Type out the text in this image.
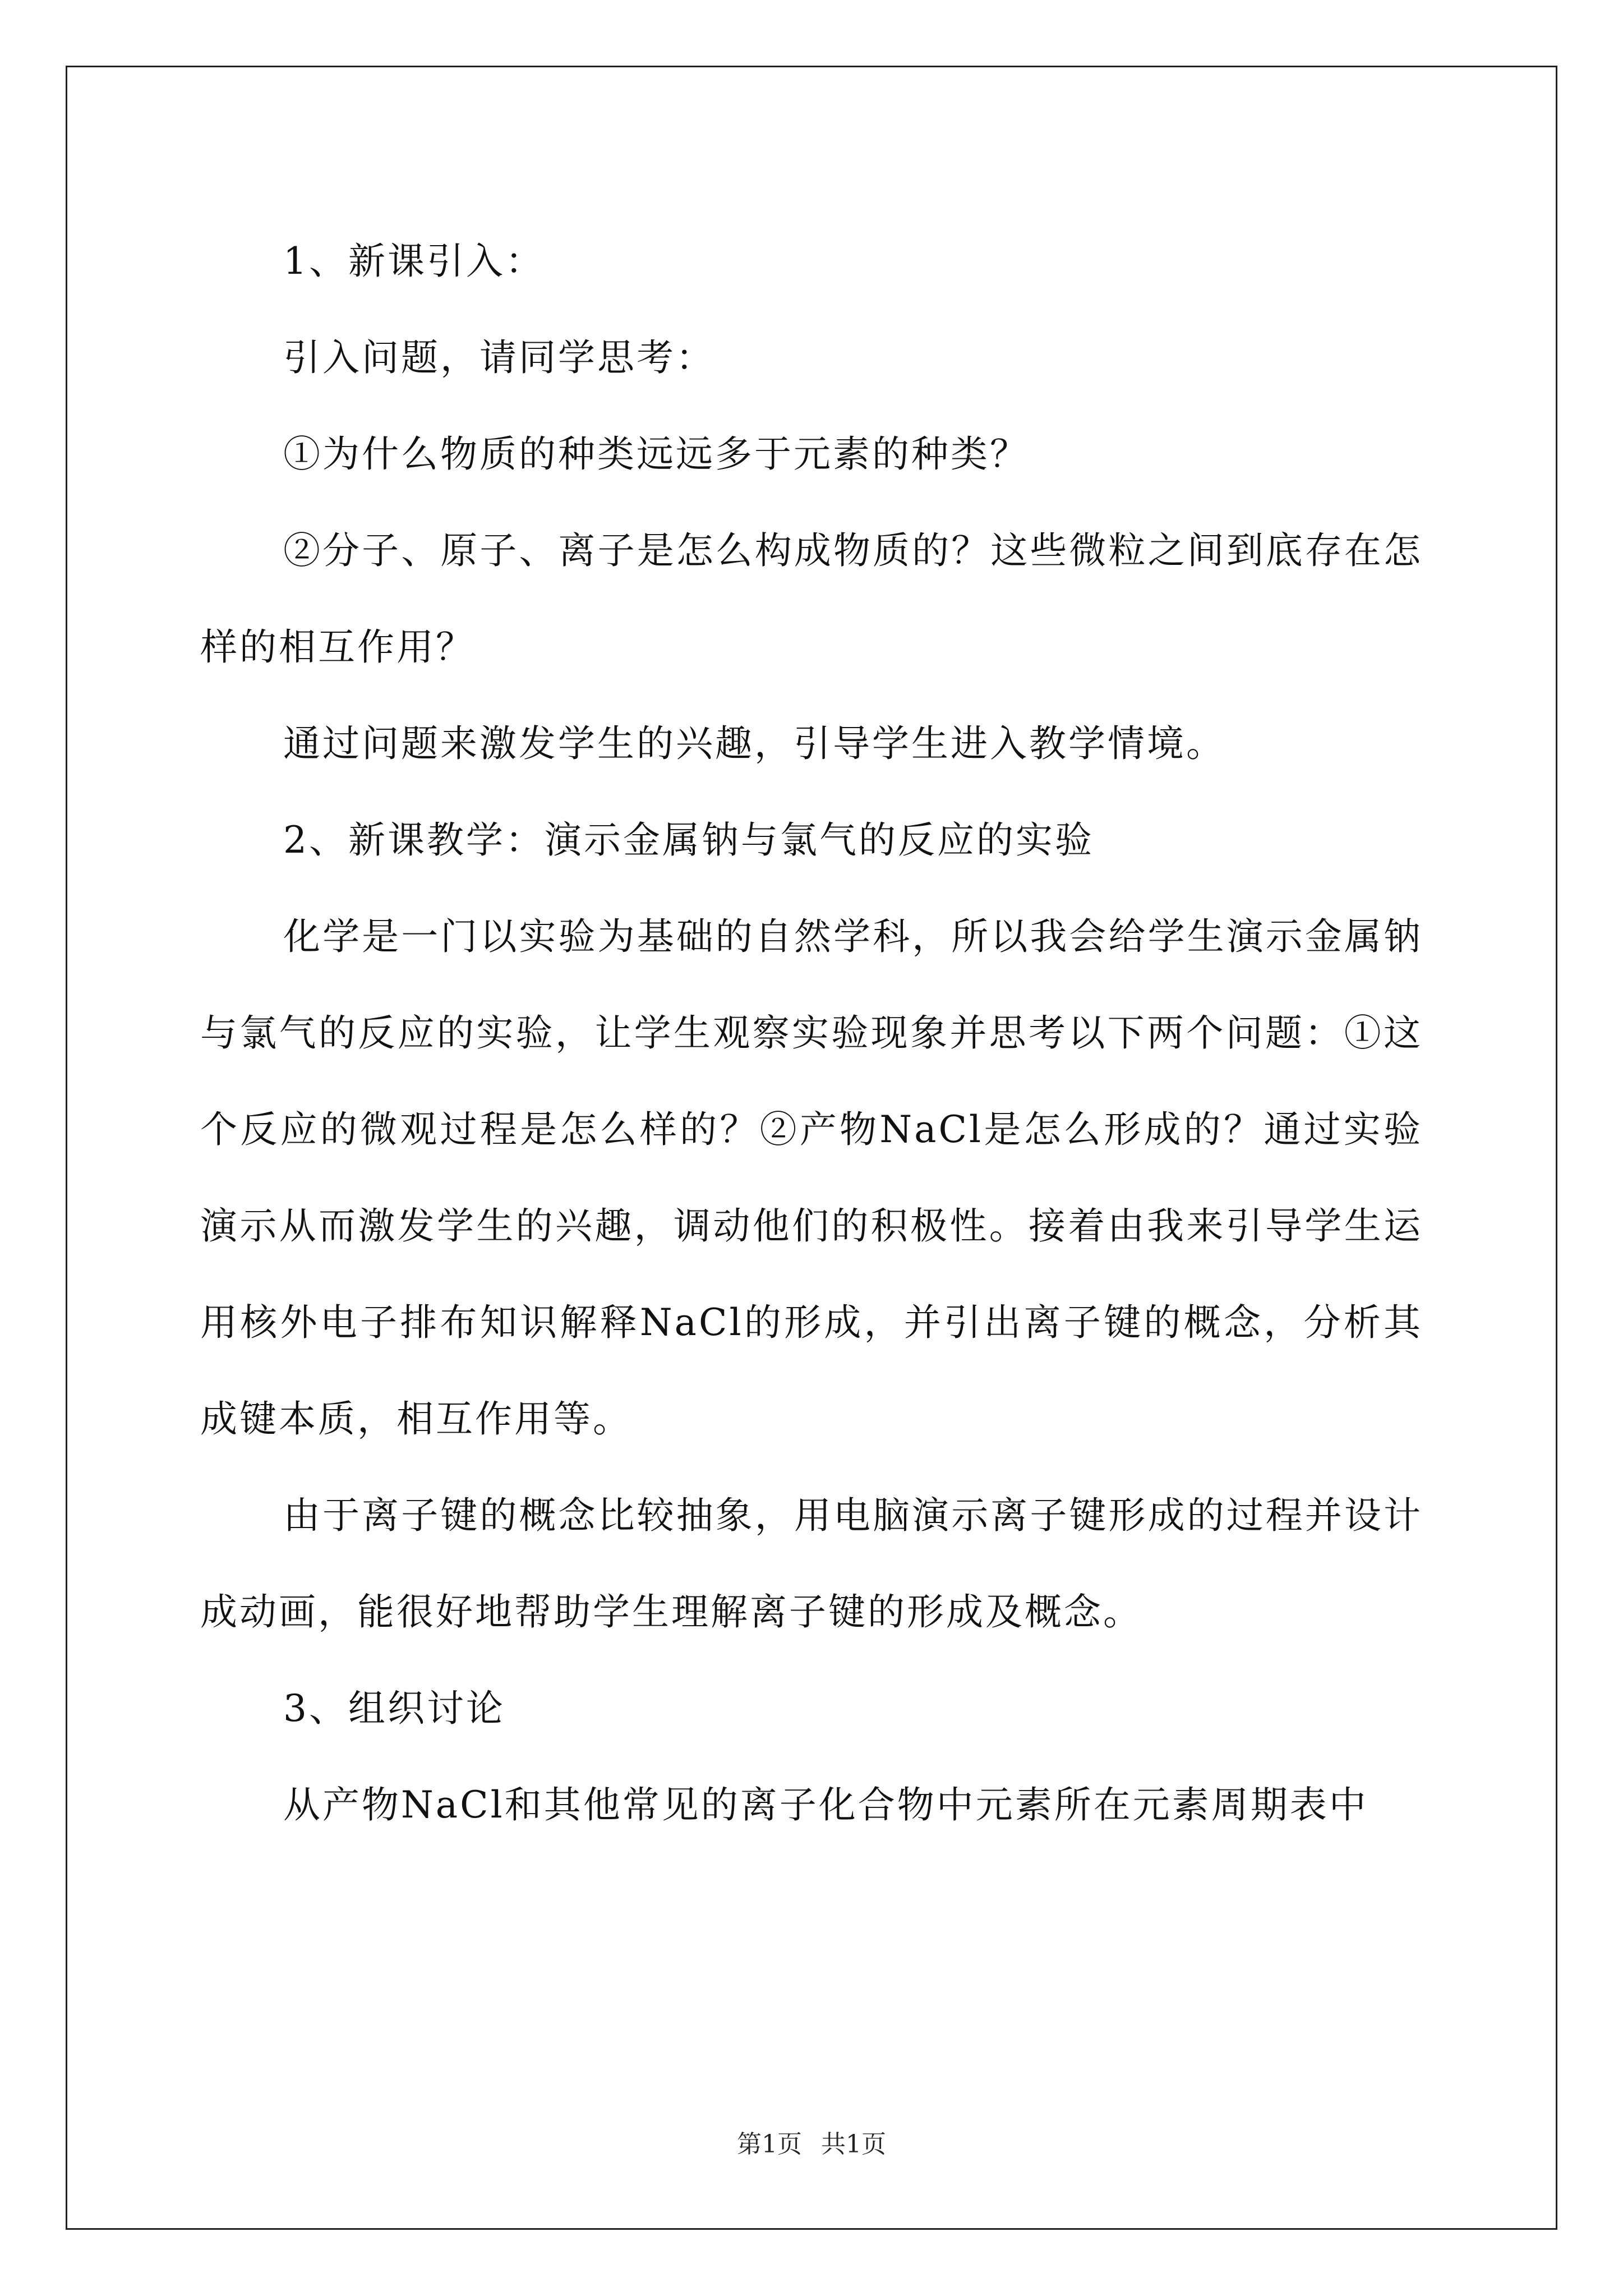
1、新课引入：

引入问题，请同学思考：

①为什么物质的种类远远多于元素的种类？

②分子、原子、离子是怎么构成物质的？这些微粒之间到底存在怎样的相互作用？

通过问题来激发学生的兴趣，引导学生进入教学情境。

2、新课教学：演示金属钠与氯气的反应的实验

化学是一门以实验为基础的自然学科，所以我会给学生演示金属钠与氯气的反应的实验，让学生观察实验现象并思考以下两个问题：①这个反应的微观过程是怎么样的？②产物NaCl是怎么形成的？通过实验演示从而激发学生的兴趣，调动他们的积极性。接着由我来引导学生运用核外电子排布知识解释NaCl的形成，并引出离子键的概念，分析其成键本质，相互作用等。

由于离子键的概念比较抽象，用电脑演示离子键形成的过程并设计成动画，能很好地帮助学生理解离子键的形成及概念。

3、组织讨论

从产物NaCl和其他常见的离子化合物中元素所在元素周期表中

第1页 共1页
